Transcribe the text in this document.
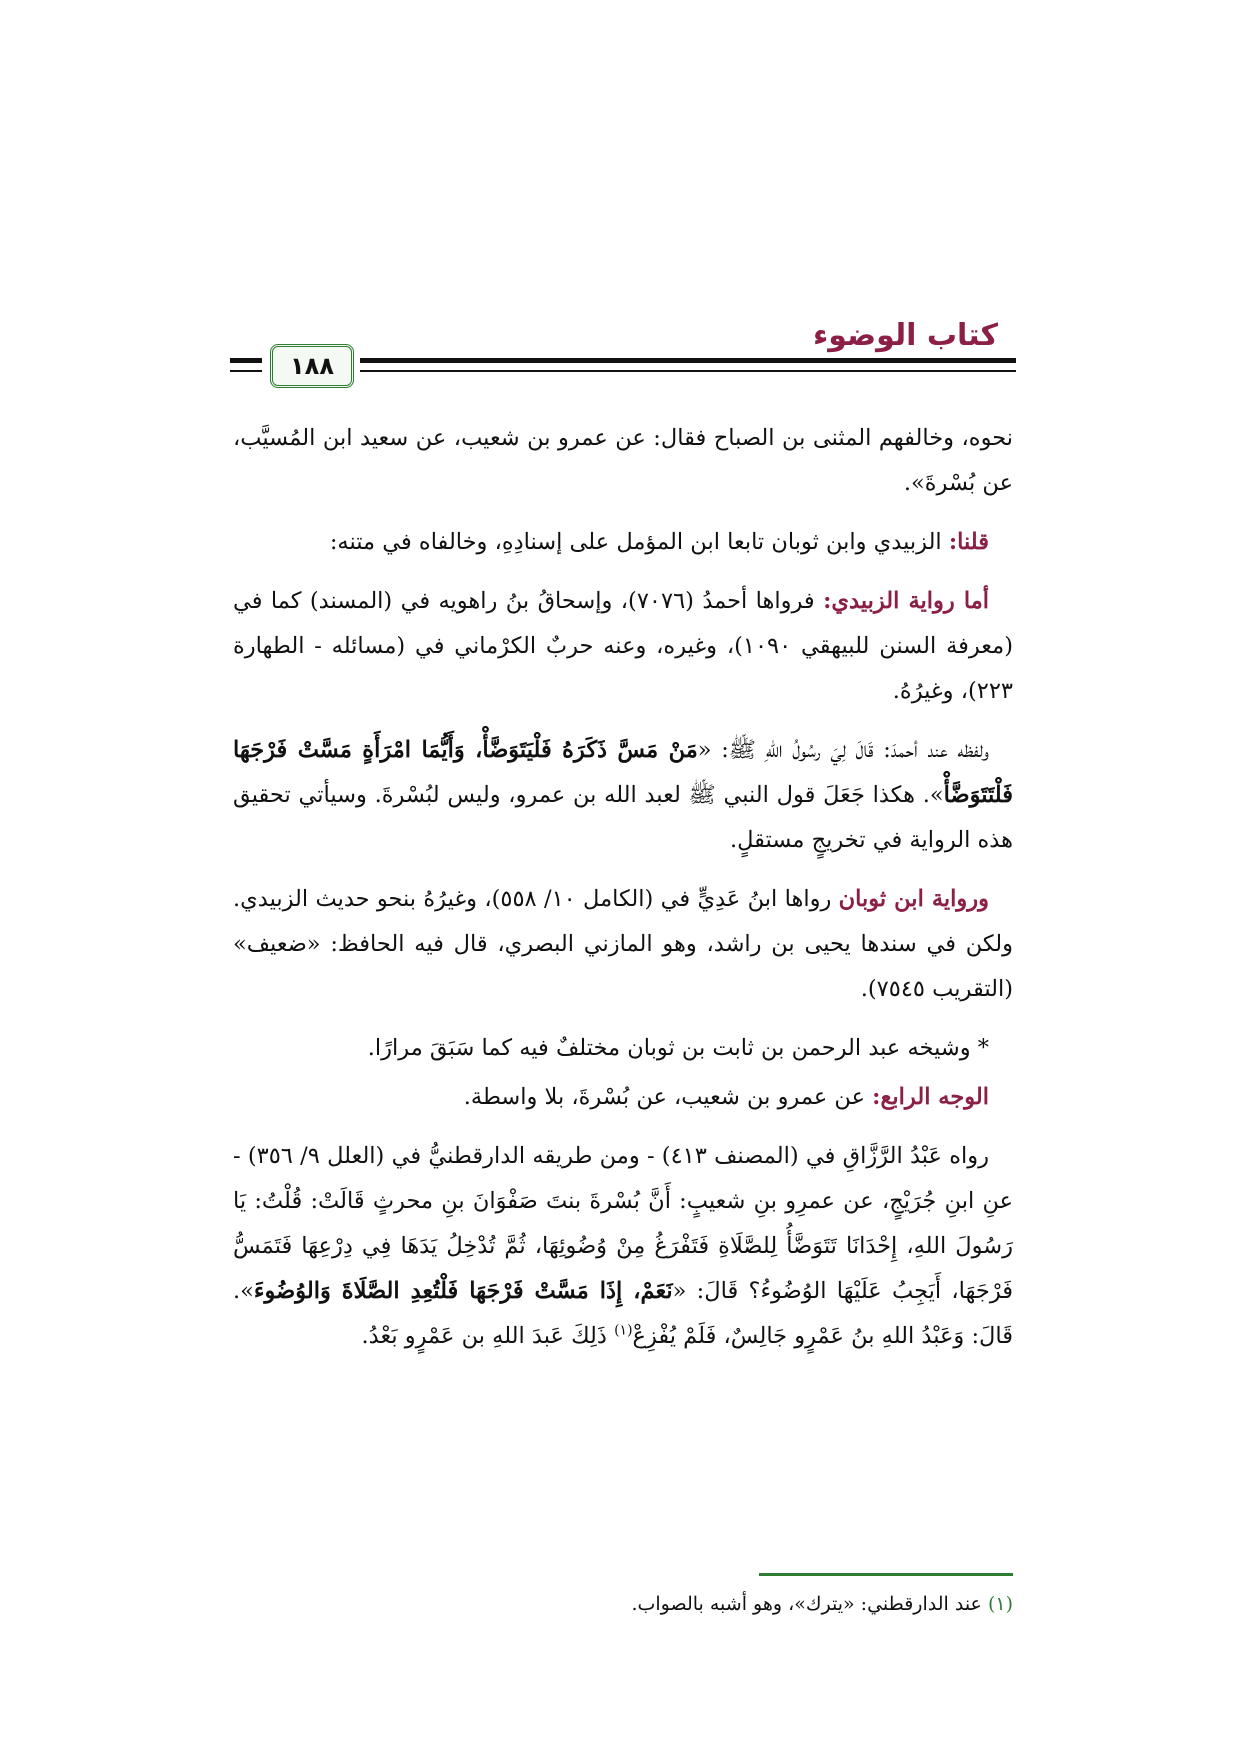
كتاب الوضوء
١٨٨

نحوه، وخالفهم المثنى بن الصباح فقال: عن عمرو بن شعيب، عن سعيد ابن المُسيَّب، عن بُسْرةَ».

قلنا: الزبيدي وابن ثوبان تابعا ابن المؤمل على إسنادِهِ، وخالفاه في متنه:

أما رواية الزبيدي: فرواها أحمدُ (٧٠٧٦)، وإسحاقُ بنُ راهويه في (المسند) كما في (معرفة السنن للبيهقي ١٠٩٠)، وغيره، وعنه حربٌ الكرْماني في (مسائله - الطهارة ٢٢٣)، وغيرُهُ.

ولفظه عند أحمدَ: قَالَ لِيَ رسُولُ اللهِ ﷺ: «مَنْ مَسَّ ذَكَرَهُ فَلْيَتَوَضَّأْ، وَأَيُّمَا امْرَأَةٍ مَسَّتْ فَرْجَهَا فَلْتَتَوَضَّأْ». هكذا جَعَلَ قول النبي ﷺ لعبد الله بن عمرو، وليس لبُسْرةَ. وسيأتي تحقيق هذه الرواية في تخريجٍ مستقلٍ.

ورواية ابن ثوبان رواها ابنُ عَدِيٍّ في (الكامل ١٠/ ٥٥٨)، وغيرُهُ بنحو حديث الزبيدي. ولكن في سندها يحيى بن راشد، وهو المازني البصري، قال فيه الحافظ: «ضعيف» (التقريب ٧٥٤٥).

* وشيخه عبد الرحمن بن ثابت بن ثوبان مختلفٌ فيه كما سَبَقَ مرارًا.

الوجه الرابع: عن عمرو بن شعيب، عن بُسْرةَ، بلا واسطة.

رواه عَبْدُ الرَّزَّاقِ في (المصنف ٤١٣) - ومن طريقه الدارقطنيُّ في (العلل ٩/ ٣٥٦) - عنِ ابنِ جُرَيْجٍ، عن عمرِو بنِ شعيبٍ: أَنَّ بُسْرةَ بنتَ صَفْوَانَ بنِ محرثٍ قَالَتْ: قُلْتُ: يَا رَسُولَ اللهِ، إِحْدَانَا تَتَوَضَّأُ لِلصَّلَاةِ فَتَفْرَغُ مِنْ وُضُوئِهَا، ثُمَّ تُدْخِلُ يَدَهَا فِي دِرْعِهَا فَتَمَسُّ فَرْجَهَا، أَيَجِبُ عَلَيْهَا الوُضُوءُ؟ قَالَ: «نَعَمْ، إِذَا مَسَّتْ فَرْجَهَا فَلْتُعِدِ الصَّلَاةَ وَالوُضُوءَ». قَالَ: وَعَبْدُ اللهِ بنُ عَمْرٍو جَالِسٌ، فَلَمْ يُفْزِعْ$^{(١)}$ ذَلِكَ عَبدَ اللهِ بن عَمْرٍو بَعْدُ.

(١) عند الدارقطني: «يترك»، وهو أشبه بالصواب.
